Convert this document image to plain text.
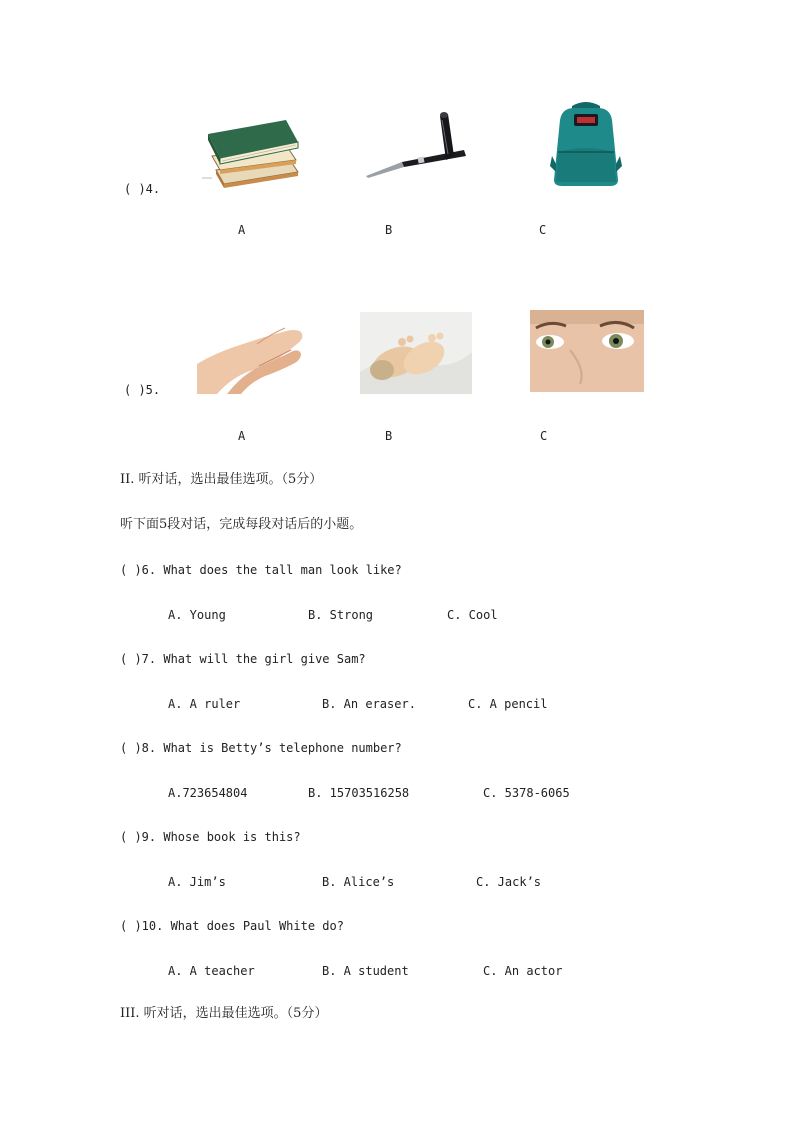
( )4.
A	B	C
( )5.
A	B	C
II. 听对话，选出最佳选项。（5分）
听下面5段对话，完成每段对话后的小题。
( )6. What does the tall man look like?
A. Young	B. Strong	C. Cool
( )7. What will the girl give Sam?
A. A ruler	B. An eraser.	C. A pencil
( )8. What is Betty’s telephone number?
A.723654804	B. 15703516258	C. 5378-6065
( )9. Whose book is this?
A. Jim’s	B. Alice’s	C. Jack’s
( )10. What does Paul White do?
A. A teacher	B. A student	C. An actor
III. 听对话，选出最佳选项。（5分）
